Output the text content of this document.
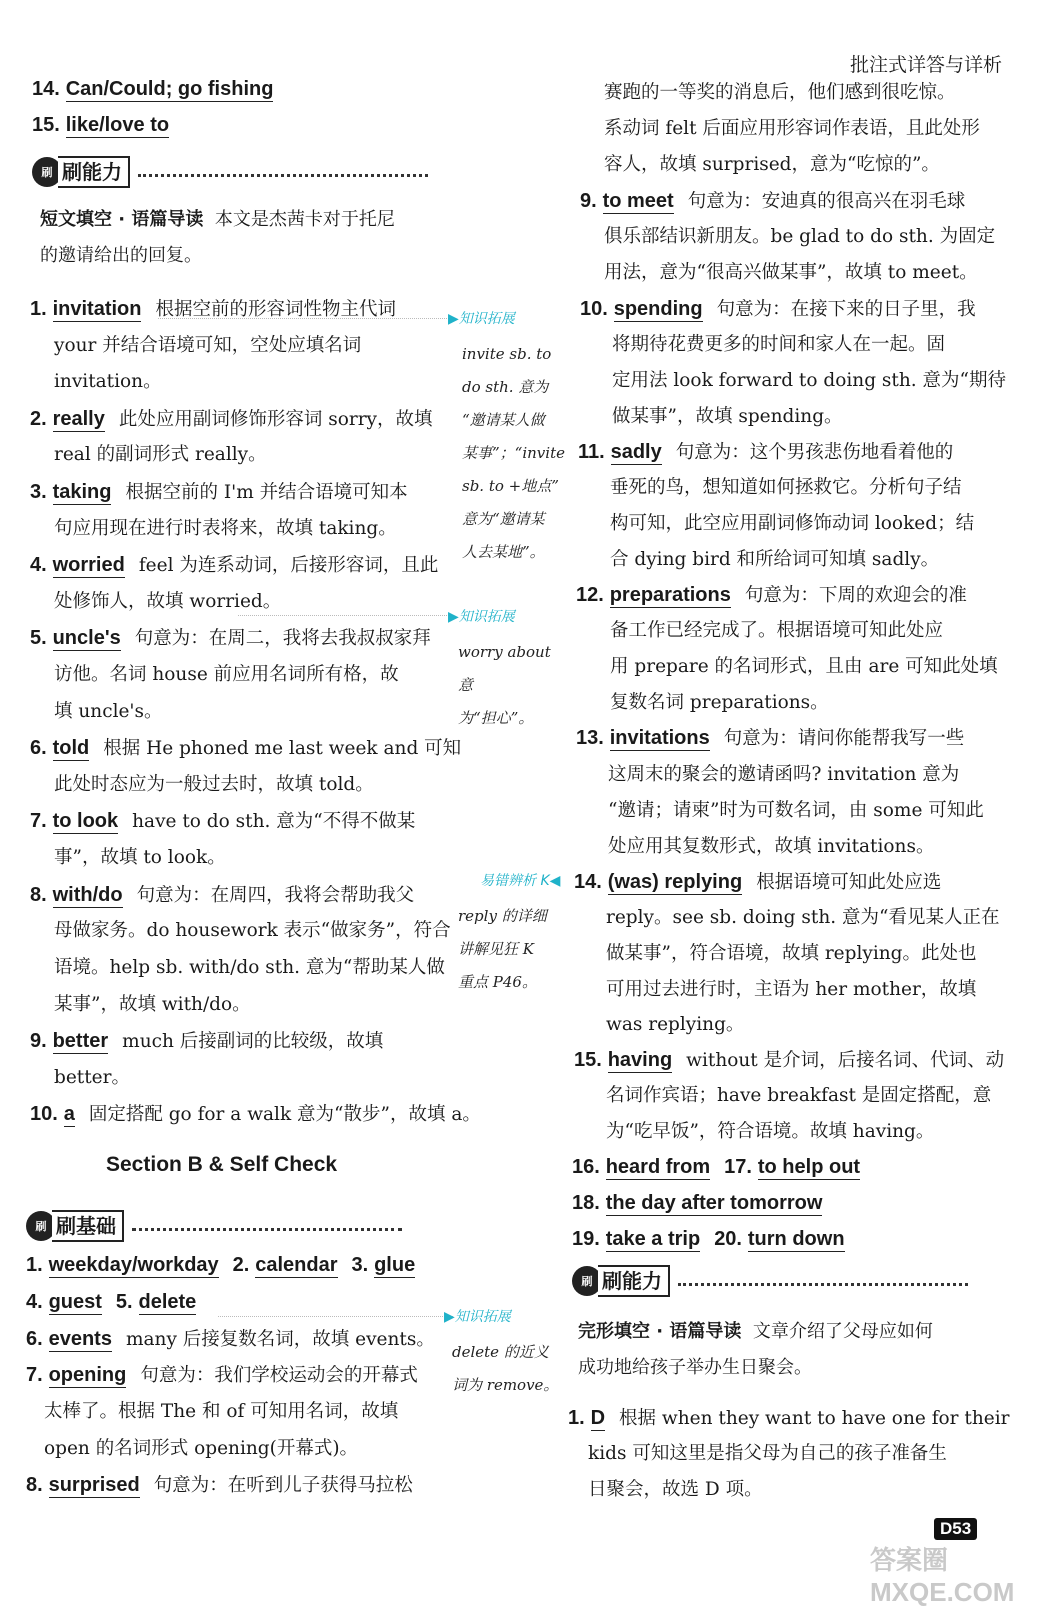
批注式详答与详析
14. Can/Could; go fishing
15. like/love to
刷 刷能力
短文填空 · 语篇导读 本文是杰茜卡对于托尼
的邀请给出的回复。
1. invitation 根据空前的形容词性物主代词
your 并结合语境可知，空处应填名词
invitation。
2. really 此处应用副词修饰形容词 sorry，故填
real 的副词形式 really。
3. taking 根据空前的 I'm 并结合语境可知本
句应用现在进行时表将来，故填 taking。
4. worried feel 为连系动词，后接形容词，且此
处修饰人，故填 worried。
5. uncle's 句意为：在周二，我将去我叔叔家拜
访他。名词 house 前应用名词所有格，故
填 uncle's。
6. told 根据 He phoned me last week and 可知
此处时态应为一般过去时，故填 told。
7. to look have to do sth. 意为“不得不做某
事”，故填 to look。
8. with/do 句意为：在周四，我将会帮助我父
母做家务。do housework 表示“做家务”，符合
语境。help sb. with/do sth. 意为“帮助某人做
某事”，故填 with/do。
9. better much 后接副词的比较级，故填
better。
10. a 固定搭配 go for a walk 意为“散步”，故填 a。
Section B & Self Check
刷 刷基础
1. weekday/workday 2. calendar 3. glue
4. guest 5. delete
6. events many 后接复数名词，故填 events。
7. opening 句意为：我们学校运动会的开幕式
太棒了。根据 The 和 of 可知用名词，故填
open 的名词形式 opening(开幕式)。
8. surprised 句意为：在听到儿子获得马拉松
▶知识拓展
invite sb. to
do sth. 意为
“邀请某人做
某事”；“invite
sb. to +地点”
意为“邀请某
人去某地”。
▶知识拓展
worry about 意
为“担心”。
易错辨析 K◀
reply 的详细
讲解见狂 K
重点 P46。
▶知识拓展
delete 的近义
词为 remove。
赛跑的一等奖的消息后，他们感到很吃惊。
系动词 felt 后面应用形容词作表语，且此处形
容人，故填 surprised，意为“吃惊的”。
9. to meet 句意为：安迪真的很高兴在羽毛球
俱乐部结识新朋友。be glad to do sth. 为固定
用法，意为“很高兴做某事”，故填 to meet。
10. spending 句意为：在接下来的日子里，我
将期待花费更多的时间和家人在一起。固
定用法 look forward to doing sth. 意为“期待
做某事”，故填 spending。
11. sadly 句意为：这个男孩悲伤地看着他的
垂死的鸟，想知道如何拯救它。分析句子结
构可知，此空应用副词修饰动词 looked；结
合 dying bird 和所给词可知填 sadly。
12. preparations 句意为：下周的欢迎会的准
备工作已经完成了。根据语境可知此处应
用 prepare 的名词形式，且由 are 可知此处填
复数名词 preparations。
13. invitations 句意为：请问你能帮我写一些
这周末的聚会的邀请函吗? invitation 意为
“邀请；请柬”时为可数名词，由 some 可知此
处应用其复数形式，故填 invitations。
14. (was) replying 根据语境可知此处应选
reply。see sb. doing sth. 意为“看见某人正在
做某事”，符合语境，故填 replying。此处也
可用过去进行时，主语为 her mother，故填
was replying。
15. having without 是介词，后接名词、代词、动
名词作宾语；have breakfast 是固定搭配，意
为“吃早饭”，符合语境。故填 having。
16. heard from 17. to help out
18. the day after tomorrow
19. take a trip 20. turn down
刷 刷能力
完形填空 · 语篇导读 文章介绍了父母应如何
成功地给孩子举办生日聚会。
1. D 根据 when they want to have one for their
kids 可知这里是指父母为自己的孩子准备生
日聚会，故选 D 项。
D53
答案圈 MXQE.COM
